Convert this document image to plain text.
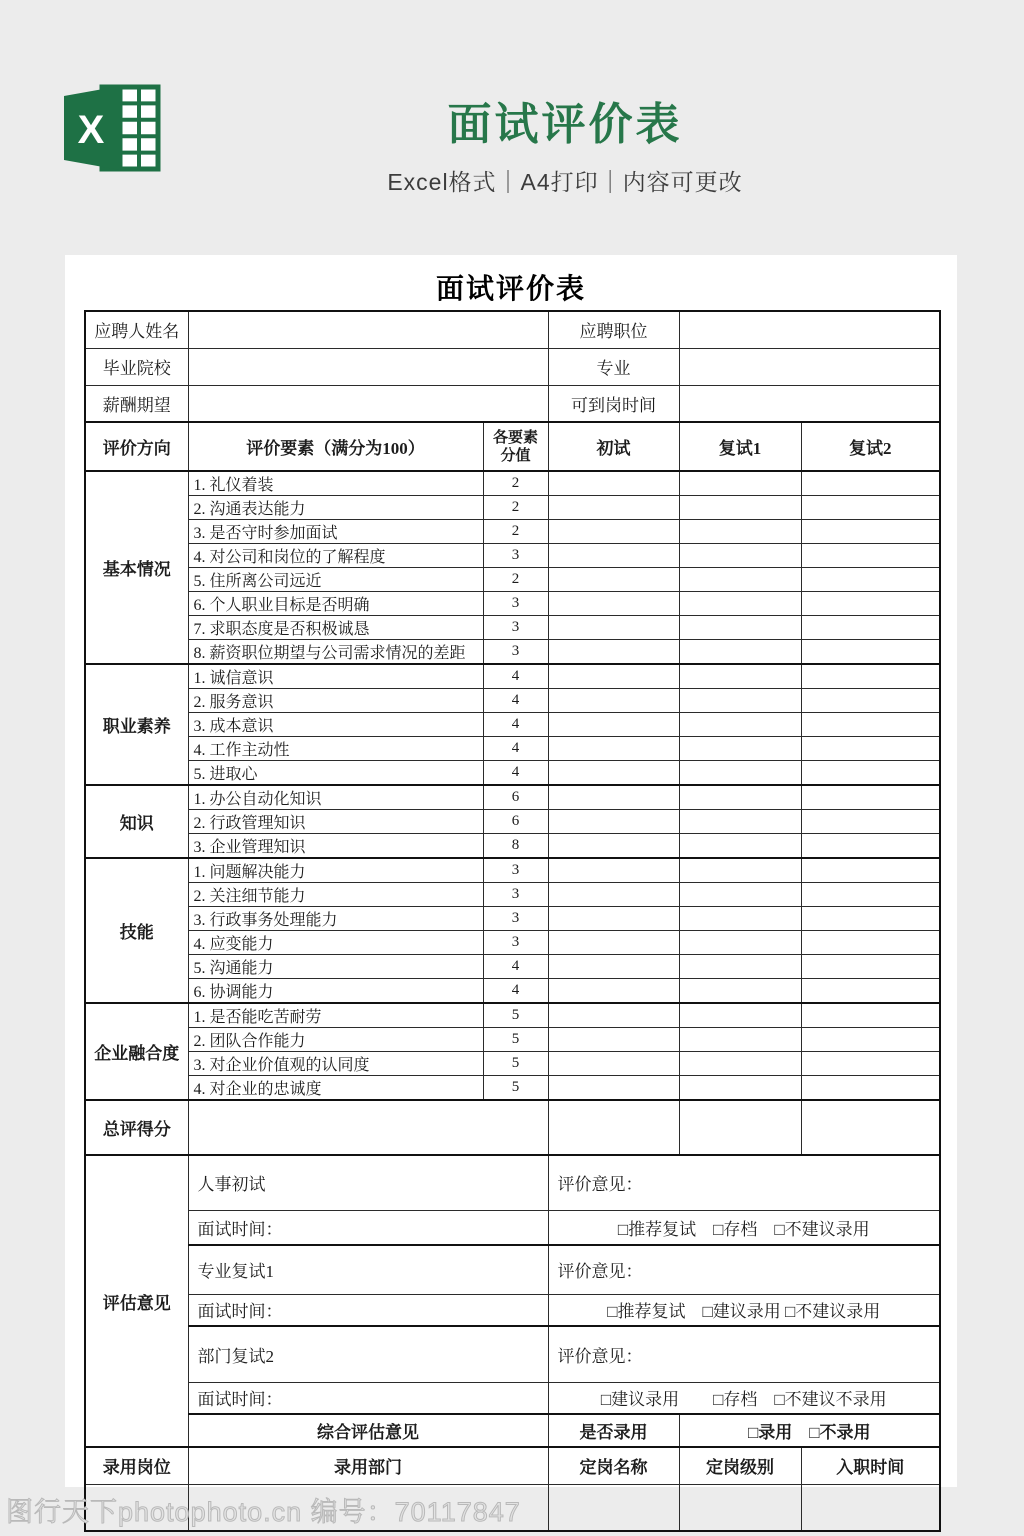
X	面试评价表
Excel格式｜A4打印｜内容可更改
面试评价表
应聘人姓名			应聘职位		
毕业院校			专业		
薪酬期望			可到岗时间		
评价方向	评价要素（满分为100）	各要素分值	初试	复试1	复试2
基本情况	1. 礼仪着装	2			
	2. 沟通表达能力	2			
	3. 是否守时参加面试	2			
	4. 对公司和岗位的了解程度	3			
	5. 住所离公司远近	2			
	6. 个人职业目标是否明确	3			
	7. 求职态度是否积极诚恳	3			
	8. 薪资职位期望与公司需求情况的差距	3			
职业素养	1. 诚信意识	4			
	2. 服务意识	4			
	3. 成本意识	4			
	4. 工作主动性	4			
	5. 进取心	4			
知识	1. 办公自动化知识	6			
	2. 行政管理知识	6			
	3. 企业管理知识	8			
技能	1. 问题解决能力	3			
	2. 关注细节能力	3			
	3. 行政事务处理能力	3			
	4. 应变能力	3			
	5. 沟通能力	4			
	6. 协调能力	4			
企业融合度	1. 是否能吃苦耐劳	5			
	2. 团队合作能力	5			
	3. 对企业价值观的认同度	5			
	4. 对企业的忠诚度	5			
总评得分					
评估意见	人事初试		评价意见：		
	面试时间：		□推荐复试　□存档　□不建议录用		
	专业复试1		评价意见：		
	面试时间：		□推荐复试　□建议录用 □不建议录用		
	部门复试2		评价意见：		
	面试时间：		□建议录用　　□存档　□不建议不录用		
	综合评估意见		是否录用	□录用　□不录用	
录用岗位	录用部门		定岗名称	定岗级别	入职时间

图行天下photophoto.cn 编号：70117847
